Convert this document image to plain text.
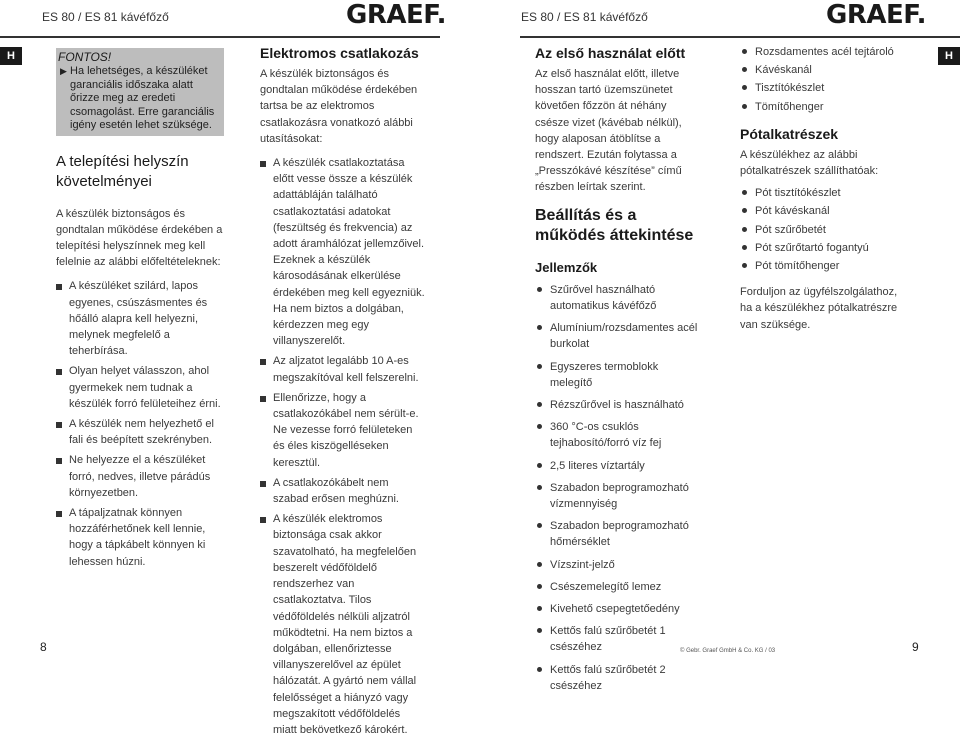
ES 80 / ES 81 kávéfőző	GRAEF.	ES 80 / ES 81 kávéfőző	GRAEF.
H	H
FONTOS!
▶ Ha lehetséges, a készüléket garanciális időszaka alatt őrizze meg az eredeti csomagolást. Erre garanciális igény esetén lehet szüksége.
A telepítési helyszín követelményei

A készülék biztonságos és gondtalan működése érdekében a telepítési helyszínnek meg kell felelnie az alábbi előfeltételeknek:

A készüléket szilárd, lapos egyenes, csúszásmentes és hőálló alapra kell helyezni, melynek megfelelő a teherbírása.
Olyan helyet válasszon, ahol gyermekek nem tudnak a készülék forró felületeihez érni.
A készülék nem helyezhető el fali és beépített szekrényben.
Ne helyezze el a készüléket forró, nedves, illetve párádús környezetben.
A tápaljzatnak könnyen hozzáférhetőnek kell lennie, hogy a tápkábelt könnyen ki lehessen húzni.
Elektromos csatlakozás

A készülék biztonságos és gondtalan működése érdekében tartsa be az elektromos csatlakozásra vonatkozó alábbi utasításokat:

A készülék csatlakoztatása előtt vesse össze a készülék adattábláján található csatlakoztatási adatokat (feszültség és frekvencia) az adott áramhálózat jellemzőivel. Ezeknek a készülék károsodásának elkerülése érdekében meg kell egyezniük. Ha nem biztos a dolgában, kérdezzen meg egy villanyszerelőt.
Az aljzatot legalább 10 A-es megszakítóval kell felszerelni.
Ellenőrizze, hogy a csatlakozókábel nem sérült-e. Ne vezesse forró felületeken és éles kiszögelléseken keresztül.
A csatlakozókábelt nem szabad erősen meghúzni.
A készülék elektromos biztonsága csak akkor szavatolható, ha megfelelően beszerelt védőföldelő rendszerhez van csatlakoztatva. Tilos védőföldelés nélküli aljzatról működtetni. Ha nem biztos a dolgában, ellenőriztesse villanyszerelővel az épület hálózatát. A gyártó nem vállal felelősséget a hiányzó vagy megszakított védőföldelés miatt bekövetkező károkért.
Az első használat előtt

Az első használat előtt, illetve hosszan tartó üzemszünetet követően főzzön át néhány csésze vizet (kávébab nélkül), hogy alaposan átöblítse a rendszert. Ezután folytassa a „Presszókávé készítése” című részben leírtak szerint.

Beállítás és a működés áttekintése
Jellemzők
Szűrővel használható automatikus kávéfőző
Alumínium/rozsdamentes acél burkolat
Egyszeres termoblokk melegítő
Rézszűrővel is használható
360 °C-os csuklós tejhabosító/forró víz fej
2,5 literes víztartály
Szabadon beprogramozható vízmennyiség
Szabadon beprogramozható hőmérséklet
Vízszint-jelző
Csészemelegítő lemez
Kivehető csepegtetőedény
Kettős falú szűrőbetét 1 csészéhez
Kettős falú szűrőbetét 2 csészéhez
Rozsdamentes acél tejtároló
Kávéskanál
Tisztítókészlet
Tömítőhenger
Pótalkatrészek

A készülékhez az alábbi pótalkatrészek szállíthatóak:

Pót tisztítókészlet
Pót kávéskanál
Pót szűrőbetét
Pót szűrőtartó fogantyú
Pót tömítőhenger

Forduljon az ügyfélszolgálathoz, ha a készülékhez pótalkatrészre van szüksége.

8	© Gebr. Graef GmbH & Co. KG / 03	9
